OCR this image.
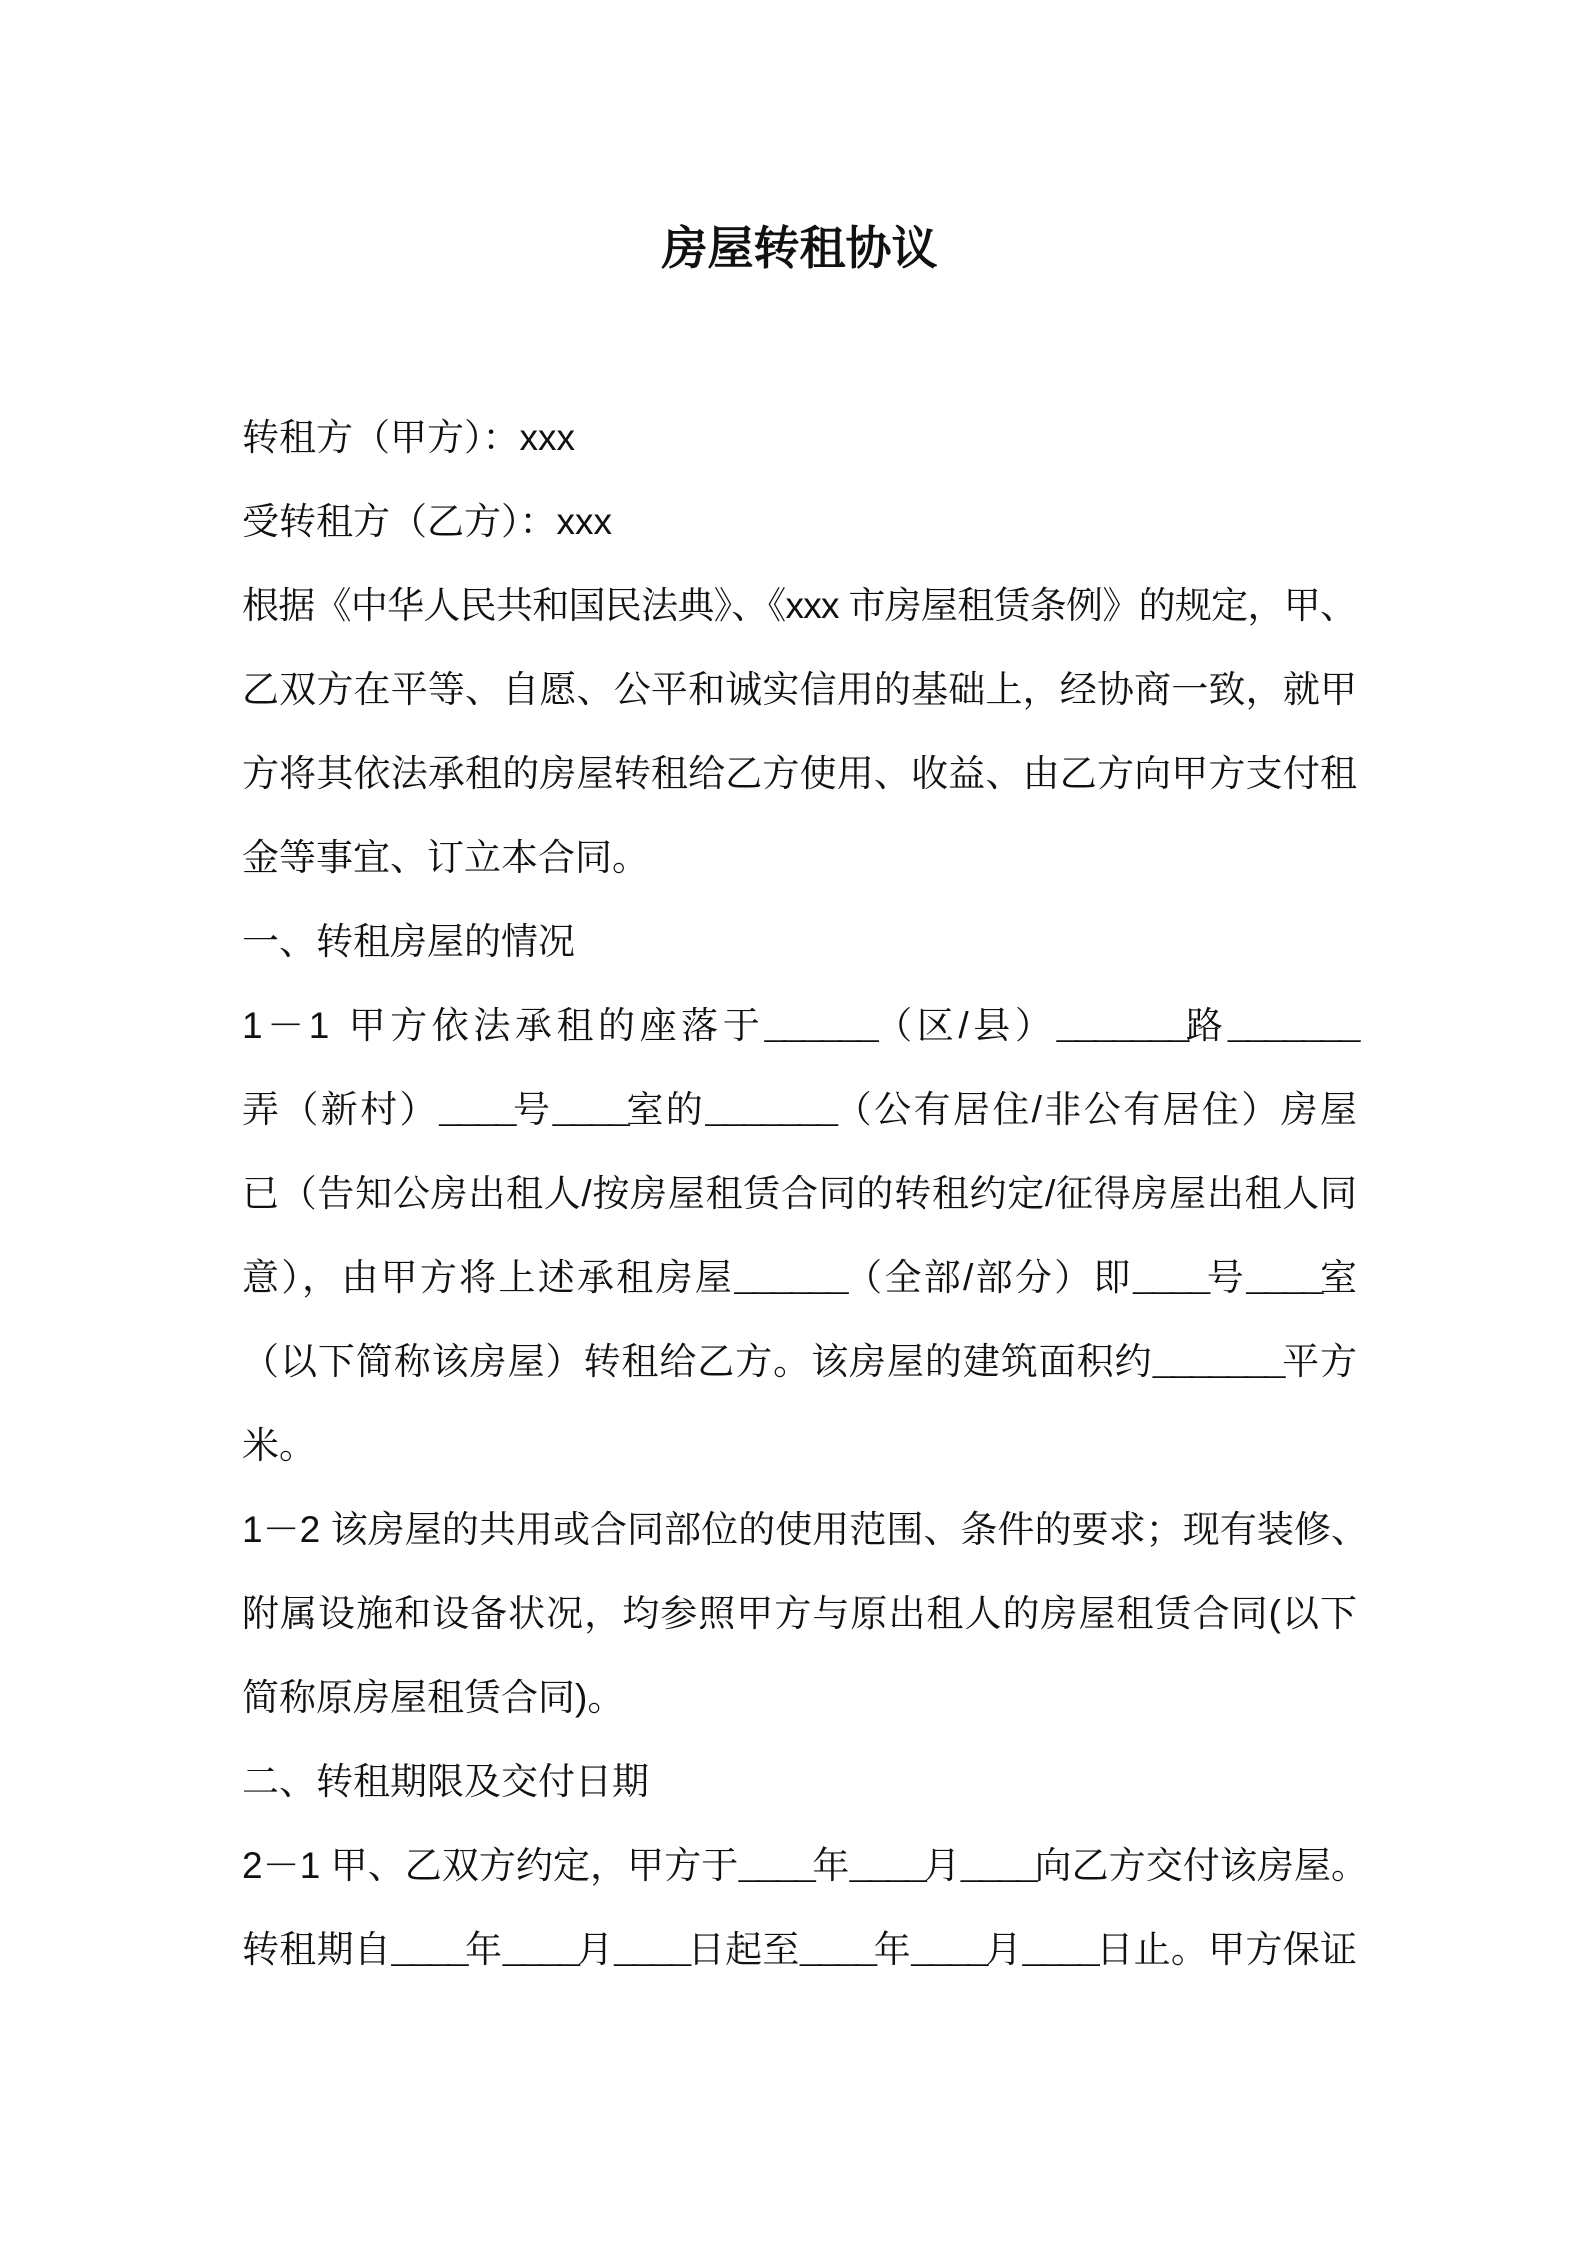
房屋转租协议
转租方（甲方）：xxx
受转租方（乙方）：xxx
根据《中华人民共和国民法典》、《xxx 市房屋租赁条例》的规定，甲、
乙双方在平等、自愿、公平和诚实信用的基础上，经协商一致，就甲
方将其依法承租的房屋转租给乙方使用、收益、由乙方向甲方支付租
金等事宜、订立本合同。
一、转租房屋的情况
1－1 甲方依法承租的座落于______（区/县）_______路_______
弄（新村）____号____室的_______（公有居住/非公有居住）房屋
已（告知公房出租人/按房屋租赁合同的转租约定/征得房屋出租人同
意），由甲方将上述承租房屋______（全部/部分）即____号____室
（以下简称该房屋）转租给乙方。该房屋的建筑面积约_______平方
米。
1－2 该房屋的共用或合同部位的使用范围、条件的要求；现有装修、
附属设施和设备状况，均参照甲方与原出租人的房屋租赁合同(以下
简称原房屋租赁合同)。
二、转租期限及交付日期
2－1 甲、乙双方约定，甲方于____年____月____向乙方交付该房屋。
转租期自____年____月____日起至____年____月____日止。甲方保证
